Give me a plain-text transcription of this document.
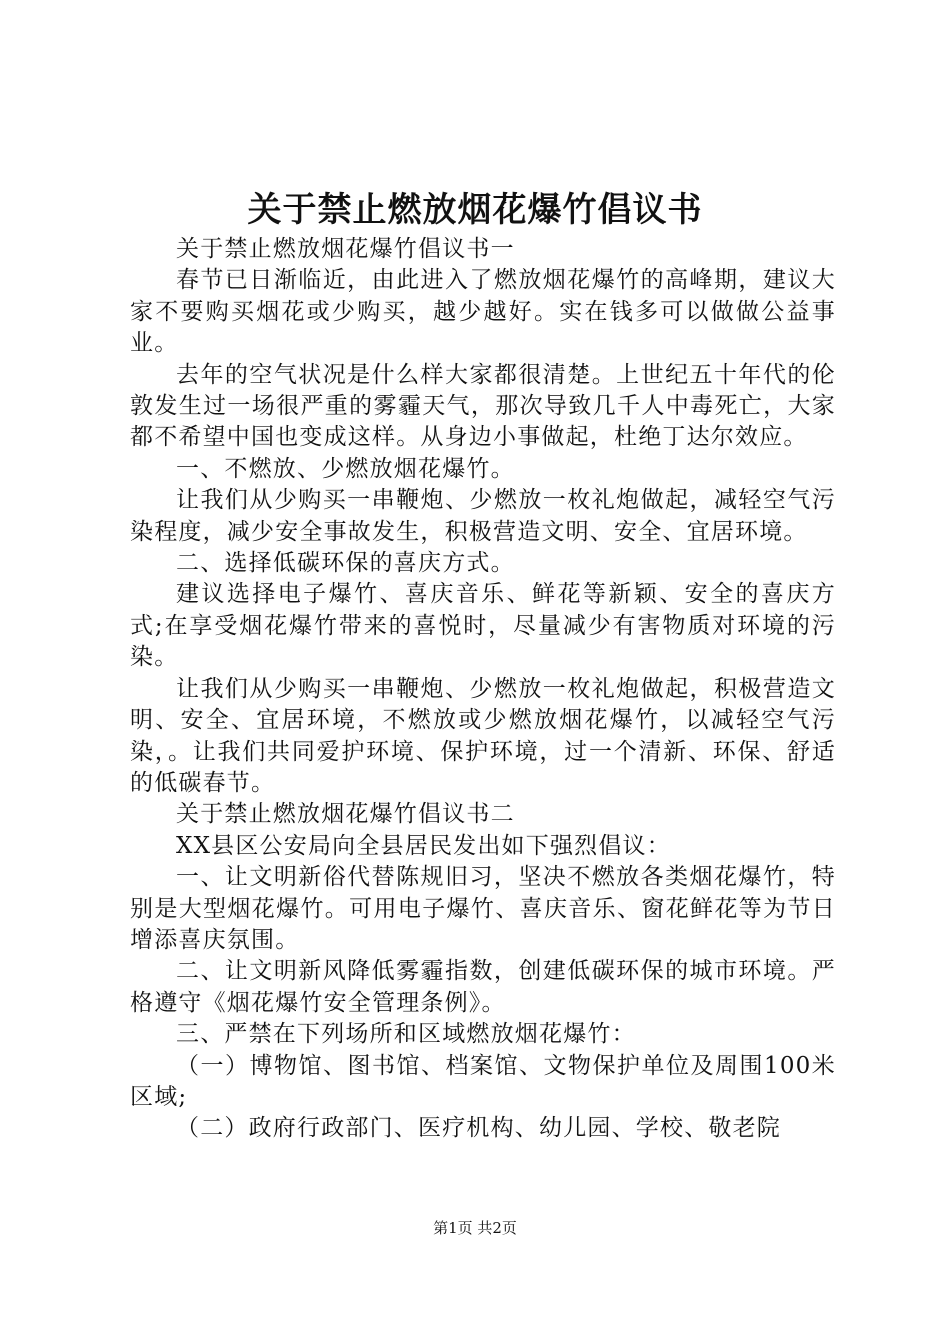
关于禁止燃放烟花爆竹倡议书

关于禁止燃放烟花爆竹倡议书一

春节已日渐临近，由此进入了燃放烟花爆竹的高峰期，建议大家不要购买烟花或少购买，越少越好。实在钱多可以做做公益事业。

去年的空气状况是什么样大家都很清楚。上世纪五十年代的伦敦发生过一场很严重的雾霾天气，那次导致几千人中毒死亡，大家都不希望中国也变成这样。从身边小事做起，杜绝丁达尔效应。

一、不燃放、少燃放烟花爆竹。

让我们从少购买一串鞭炮、少燃放一枚礼炮做起，减轻空气污染程度，减少安全事故发生，积极营造文明、安全、宜居环境。

二、选择低碳环保的喜庆方式。

建议选择电子爆竹、喜庆音乐、鲜花等新颖、安全的喜庆方式;在享受烟花爆竹带来的喜悦时，尽量减少有害物质对环境的污染。

让我们从少购买一串鞭炮、少燃放一枚礼炮做起，积极营造文明、安全、宜居环境，不燃放或少燃放烟花爆竹，以减轻空气污染，。让我们共同爱护环境、保护环境，过一个清新、环保、舒适的低碳春节。

关于禁止燃放烟花爆竹倡议书二

XX县区公安局向全县居民发出如下强烈倡议：

一、让文明新俗代替陈规旧习，坚决不燃放各类烟花爆竹，特别是大型烟花爆竹。可用电子爆竹、喜庆音乐、窗花鲜花等为节日增添喜庆氛围。

二、让文明新风降低雾霾指数，创建低碳环保的城市环境。严格遵守《烟花爆竹安全管理条例》。

三、严禁在下列场所和区域燃放烟花爆竹：

（一）博物馆、图书馆、档案馆、文物保护单位及周围100米区域;

（二）政府行政部门、医疗机构、幼儿园、学校、敬老院

第1页 共2页
